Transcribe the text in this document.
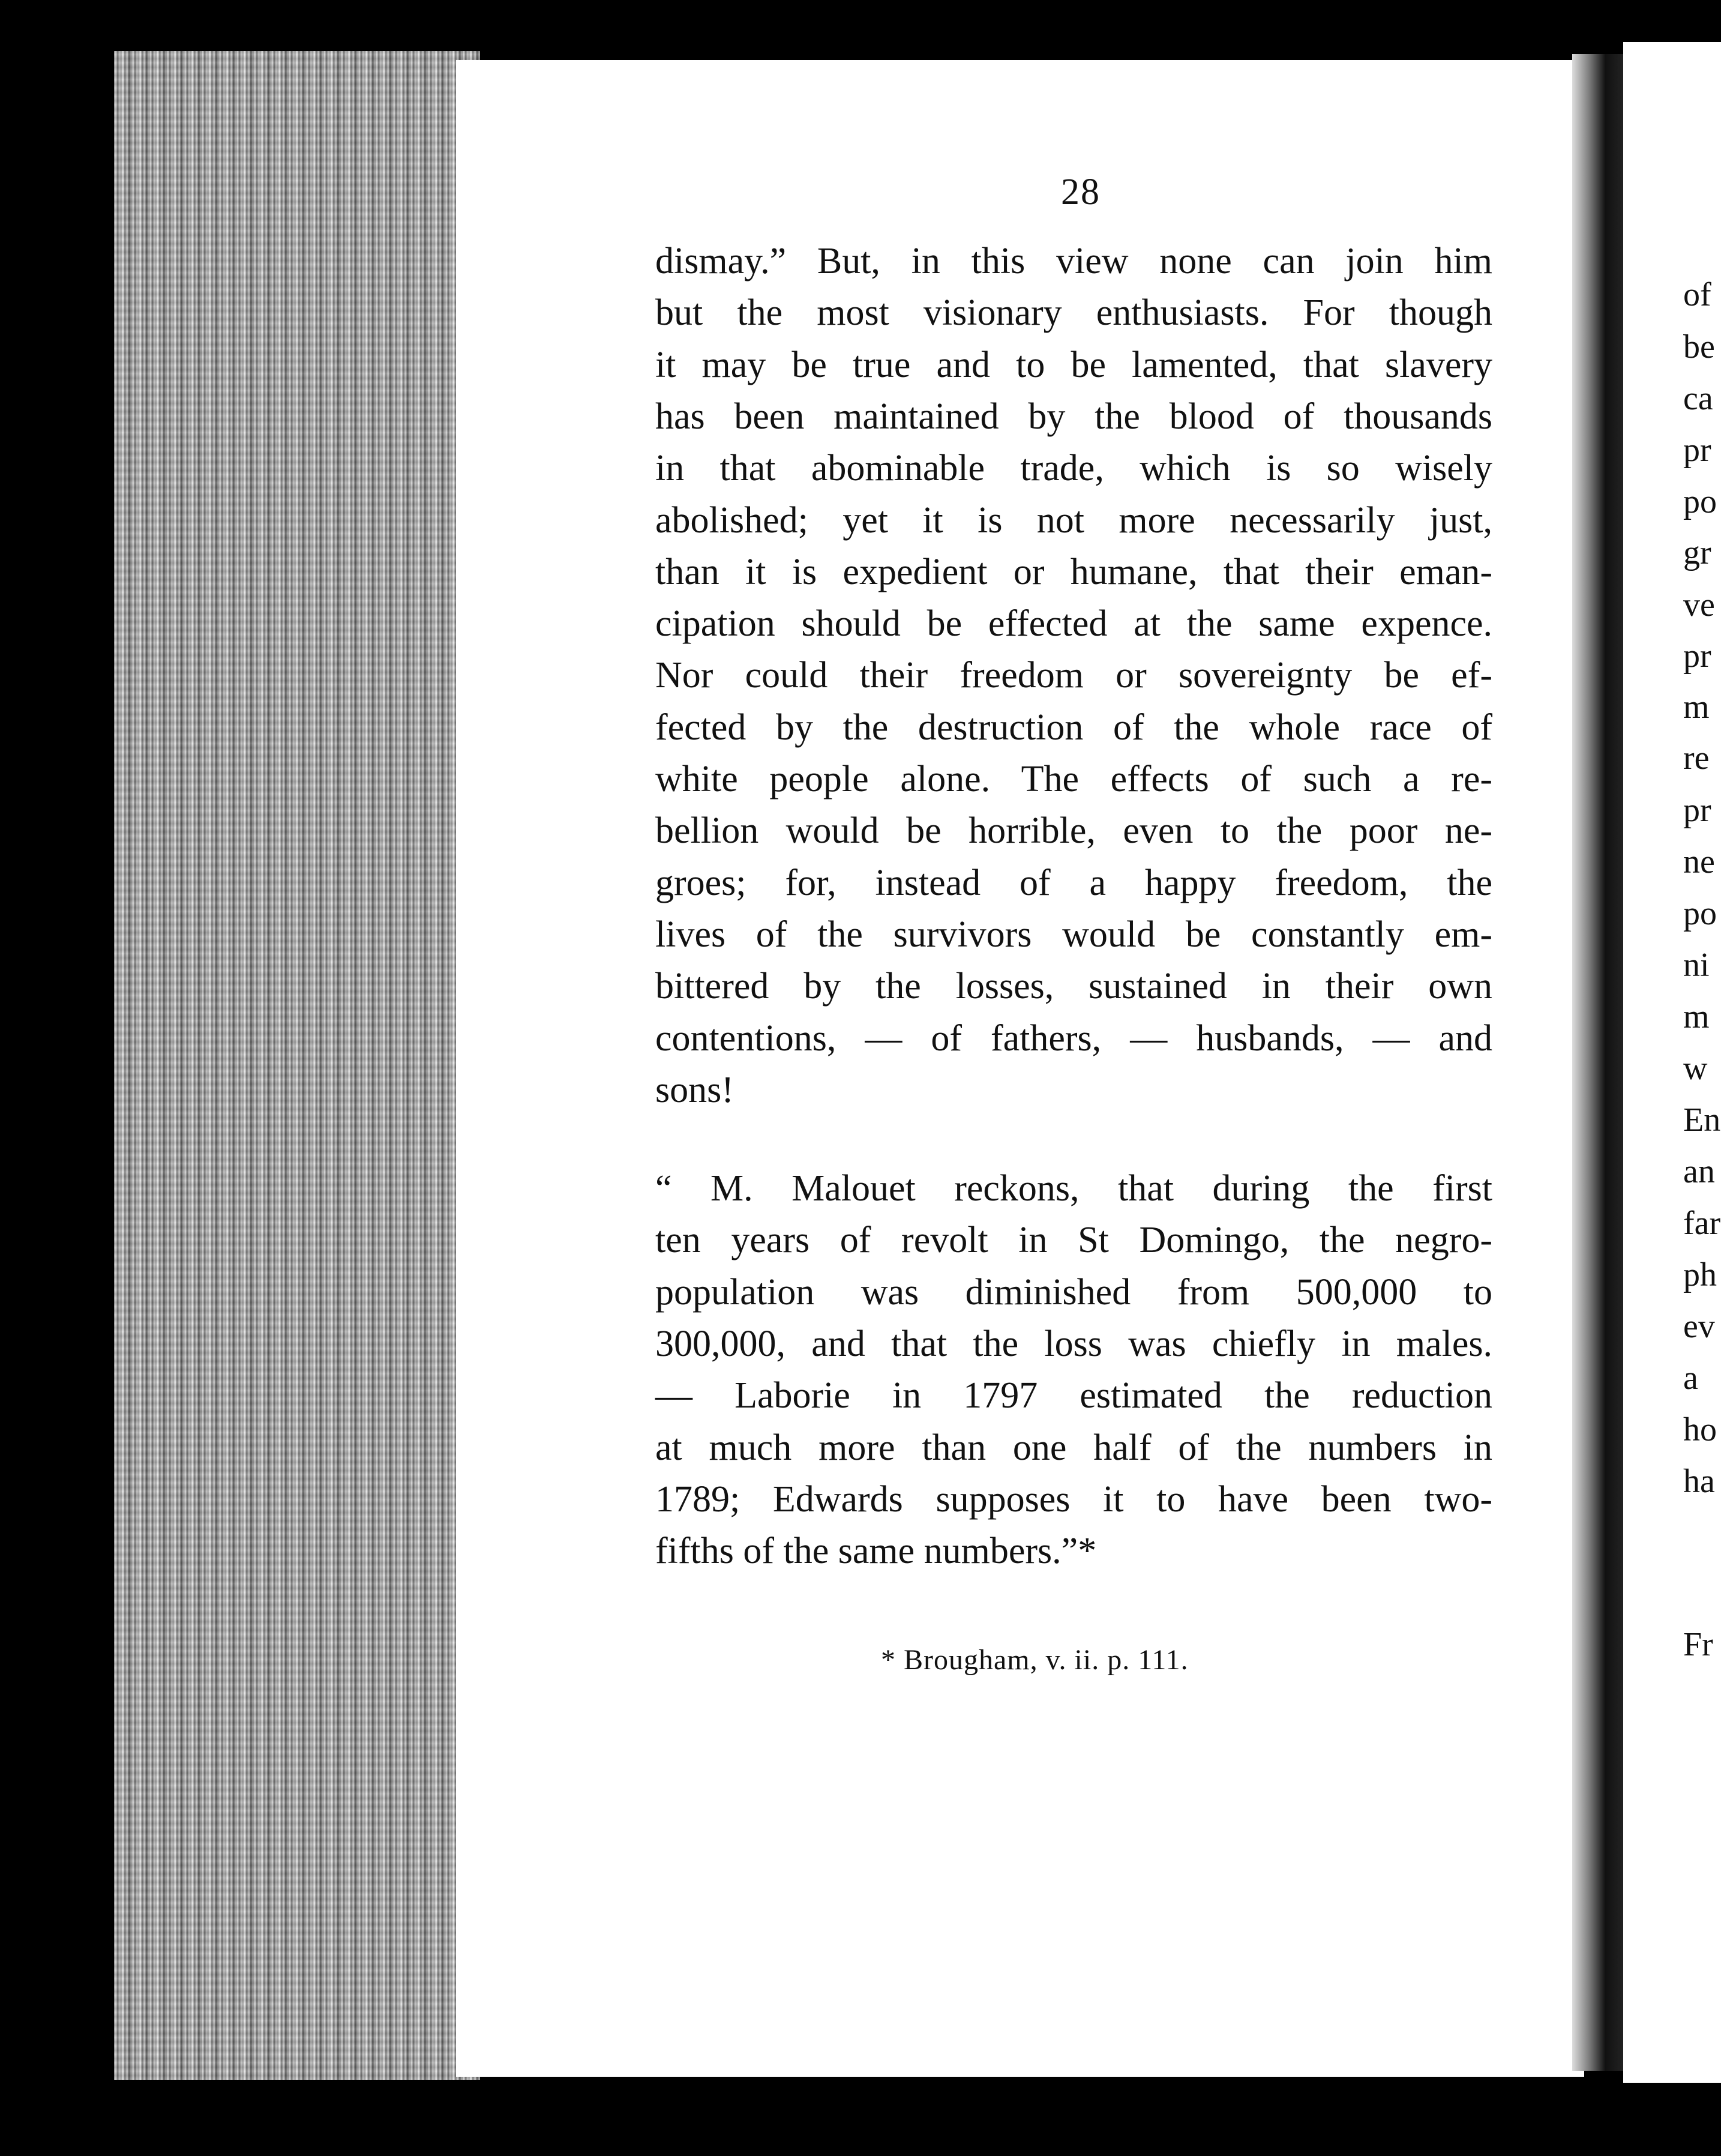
28
dismay.” But, in this view none can join him
but the most visionary enthusiasts. For though
it may be true and to be lamented, that slavery
has been maintained by the blood of thousands
in that abominable trade, which is so wisely
abolished; yet it is not more necessarily just,
than it is expedient or humane, that their eman-
cipation should be effected at the same expence.
Nor could their freedom or sovereignty be ef-
fected by the destruction of the whole race of
white people alone. The effects of such a re-
bellion would be horrible, even to the poor ne-
groes; for, instead of a happy freedom, the
lives of the survivors would be constantly em-
bittered by the losses, sustained in their own
contentions, — of fathers, — husbands, — and
sons!
“ M. Malouet reckons, that during the first
ten years of revolt in St Domingo, the negro-
population was diminished from 500,000 to
300,000, and that the loss was chiefly in males.
— Laborie in 1797 estimated the reduction
at much more than one half of the numbers in
1789; Edwards supposes it to have been two-
fifths of the same numbers.”*
* Brougham, v. ii. p. 111.
of
be
ca
pr
po
gr
ve
pr
m
re
pr
ne
po
ni
m
w
En
an
far
ph
ev
a
ho
ha
Fr
